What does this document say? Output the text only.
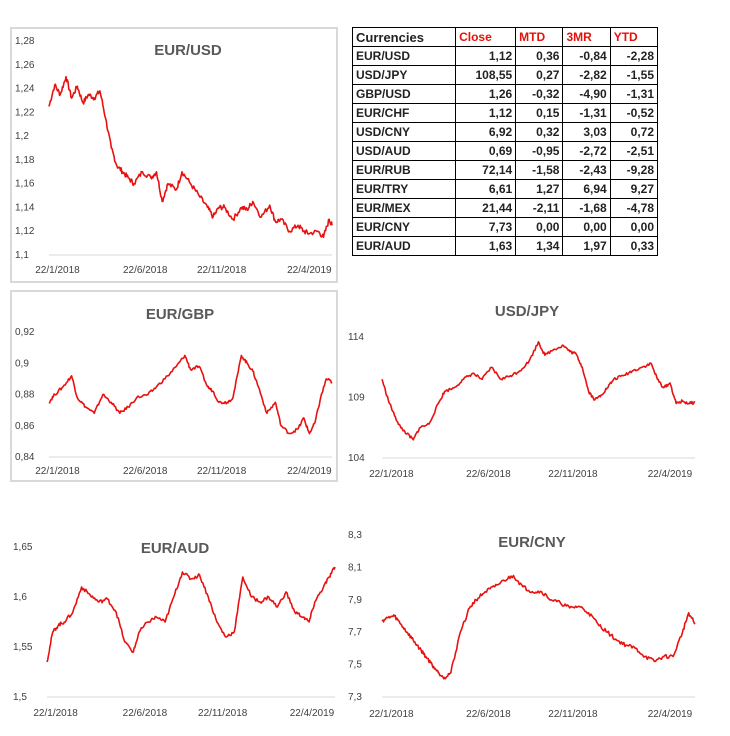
EUR/USD
1,28
1,26
1,24
1,22
1,2
1,18
1,16
1,14
1,12
1,1
22/1/2018	22/6/2018	22/11/2018	22/4/2019
EUR/GBP
0,92
0,9
0,88
0,86
0,84
22/1/2018	22/6/2018	22/11/2018	22/4/2019
USD/JPY
114
109
104
22/1/2018	22/6/2018	22/11/2018	22/4/2019
EUR/AUD
1,65
1,6
1,55
1,5
22/1/2018	22/6/2018	22/11/2018	22/4/2019
EUR/CNY
8,3
8,1
7,9
7,7
7,5
7,3
22/1/2018	22/6/2018	22/11/2018	22/4/2019
Currencies	Close	MTD	3MR	YTD
EUR/USD	1,12	0,36	-0,84	-2,28
USD/JPY	108,55	0,27	-2,82	-1,55
GBP/USD	1,26	-0,32	-4,90	-1,31
EUR/CHF	1,12	0,15	-1,31	-0,52
USD/CNY	6,92	0,32	3,03	0,72
USD/AUD	0,69	-0,95	-2,72	-2,51
EUR/RUB	72,14	-1,58	-2,43	-9,28
EUR/TRY	6,61	1,27	6,94	9,27
EUR/MEX	21,44	-2,11	-1,68	-4,78
EUR/CNY	7,73	0,00	0,00	0,00
EUR/AUD	1,63	1,34	1,97	0,33
